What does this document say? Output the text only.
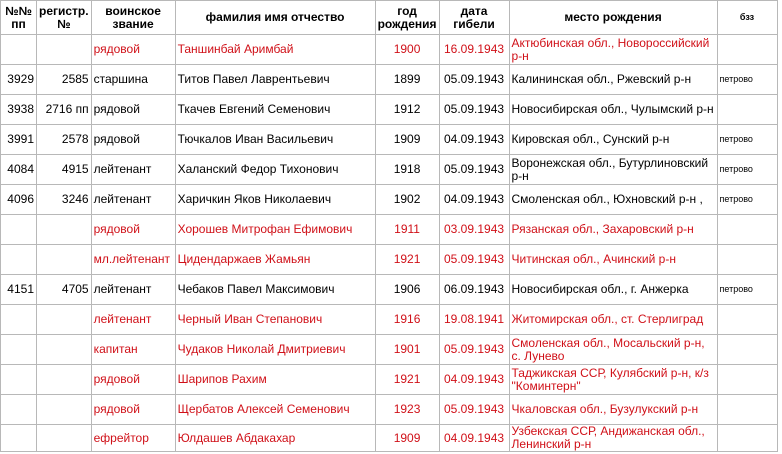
№№ пп	регистр. №	воинское звание	фамилия имя отчество	год рождения	дата гибели	место рождения	бзз
		рядовой	Таншинбай Аримбай	1900	16.09.1943	Актюбинская обл., Новороссийский р-н	
3929	2585	старшина	Титов Павел Лаврентьевич	1899	05.09.1943	Калининская обл., Ржевский р-н	петрово
3938	2716 пп	рядовой	Ткачев Евгений Семенович	1912	05.09.1943	Новосибирская обл., Чулымский р-н	
3991	2578	рядовой	Тючкалов Иван Васильевич	1909	04.09.1943	Кировская обл., Сунский р-н	петрово
4084	4915	лейтенант	Халанский Федор Тихонович	1918	05.09.1943	Воронежская обл., Бутурлиновский р-н	петрово
4096	3246	лейтенант	Харичкин Яков Николаевич	1902	04.09.1943	Смоленская обл., Юхновский р-н ,	петрово
		рядовой	Хорошев Митрофан Ефимович	1911	03.09.1943	Рязанская обл., Захаровский р-н	
		мл.лейтенант	Цидендаржаев Жамьян	1921	05.09.1943	Читинская обл., Ачинский р-н	
4151	4705	лейтенант	Чебаков Павел Максимович	1906	06.09.1943	Новосибирская обл., г. Анжерка	петрово
		лейтенант	Черный Иван Степанович	1916	19.08.1941	Житомирская обл., ст. Стерлиград	
		капитан	Чудаков Николай Дмитриевич	1901	05.09.1943	Смоленская обл., Мосальский р-н, с. Лунево	
		рядовой	Шарипов Рахим	1921	04.09.1943	Таджикская ССР, Кулябский р-н, к/з "Коминтерн"	
		рядовой	Щербатов Алексей Семенович	1923	05.09.1943	Чкаловская обл., Бузулукский р-н	
		ефрейтор	Юлдашев Абдакахар	1909	04.09.1943	Узбекская ССР, Андижанская обл., Ленинский р-н	
